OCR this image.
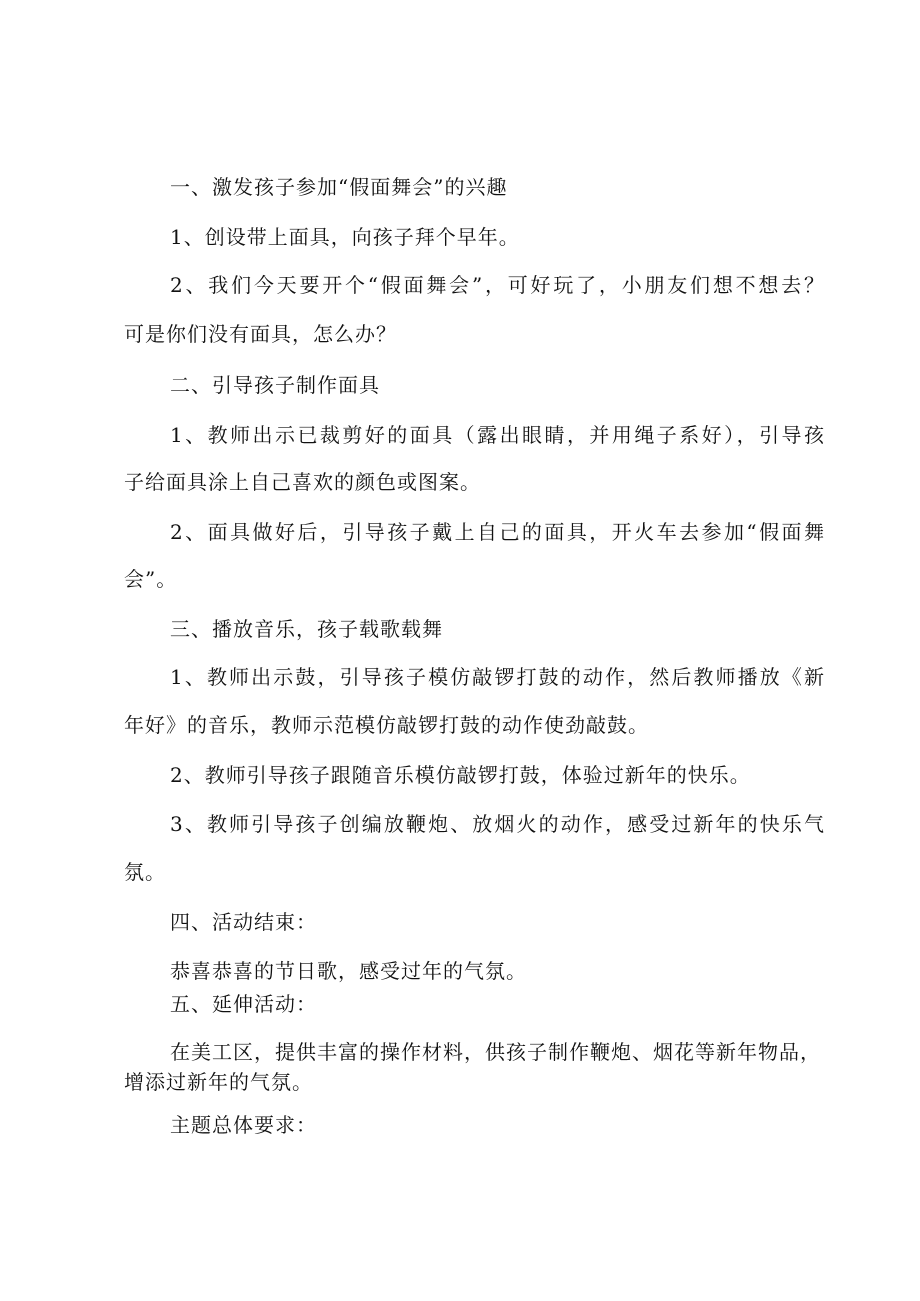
一、激发孩子参加“假面舞会”的兴趣
1、创设带上面具，向孩子拜个早年。
2、我们今天要开个“假面舞会”，可好玩了，小朋友们想不想去？
可是你们没有面具，怎么办？
二、引导孩子制作面具
1、教师出示已裁剪好的面具（露出眼睛，并用绳子系好），引导孩
子给面具涂上自己喜欢的颜色或图案。
2、面具做好后，引导孩子戴上自己的面具，开火车去参加“假面舞
会”。
三、播放音乐，孩子载歌载舞
1、教师出示鼓，引导孩子模仿敲锣打鼓的动作，然后教师播放《新
年好》的音乐，教师示范模仿敲锣打鼓的动作使劲敲鼓。
2、教师引导孩子跟随音乐模仿敲锣打鼓，体验过新年的快乐。
3、教师引导孩子创编放鞭炮、放烟火的动作，感受过新年的快乐气
氛。
四、活动结束：
恭喜恭喜的节日歌，感受过年的气氛。
五、延伸活动：
在美工区，提供丰富的操作材料，供孩子制作鞭炮、烟花等新年物品，
增添过新年的气氛。
主题总体要求：
